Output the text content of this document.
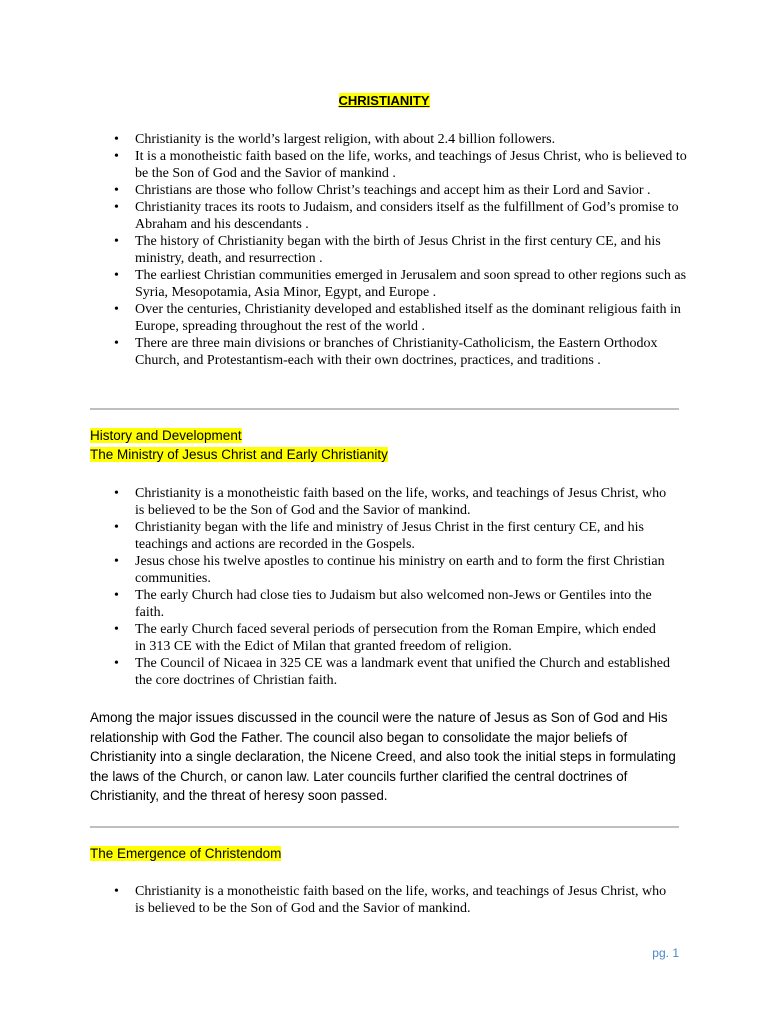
CHRISTIANITY
• Christianity is the world’s largest religion, with about 2.4 billion followers.
• It is a monotheistic faith based on the life, works, and teachings of Jesus Christ, who is believed to be the Son of God and the Savior of mankind .
• Christians are those who follow Christ’s teachings and accept him as their Lord and Savior .
• Christianity traces its roots to Judaism, and considers itself as the fulfillment of God’s promise to Abraham and his descendants .
• The history of Christianity began with the birth of Jesus Christ in the first century CE, and his ministry, death, and resurrection .
• The earliest Christian communities emerged in Jerusalem and soon spread to other regions such as Syria, Mesopotamia, Asia Minor, Egypt, and Europe .
• Over the centuries, Christianity developed and established itself as the dominant religious faith in Europe, spreading throughout the rest of the world .
• There are three main divisions or branches of Christianity-Catholicism, the Eastern Orthodox Church, and Protestantism-each with their own doctrines, practices, and traditions .
History and Development
The Ministry of Jesus Christ and Early Christianity
• Christianity is a monotheistic faith based on the life, works, and teachings of Jesus Christ, who is believed to be the Son of God and the Savior of mankind.
• Christianity began with the life and ministry of Jesus Christ in the first century CE, and his teachings and actions are recorded in the Gospels.
• Jesus chose his twelve apostles to continue his ministry on earth and to form the first Christian communities.
• The early Church had close ties to Judaism but also welcomed non-Jews or Gentiles into the faith.
• The early Church faced several periods of persecution from the Roman Empire, which ended in 313 CE with the Edict of Milan that granted freedom of religion.
• The Council of Nicaea in 325 CE was a landmark event that unified the Church and established the core doctrines of Christian faith.

Among the major issues discussed in the council were the nature of Jesus as Son of God and His relationship with God the Father. The council also began to consolidate the major beliefs of Christianity into a single declaration, the Nicene Creed, and also took the initial steps in formulating the laws of the Church, or canon law. Later councils further clarified the central doctrines of Christianity, and the threat of heresy soon passed.

The Emergence of Christendom
• Christianity is a monotheistic faith based on the life, works, and teachings of Jesus Christ, who is believed to be the Son of God and the Savior of mankind.
pg. 1
